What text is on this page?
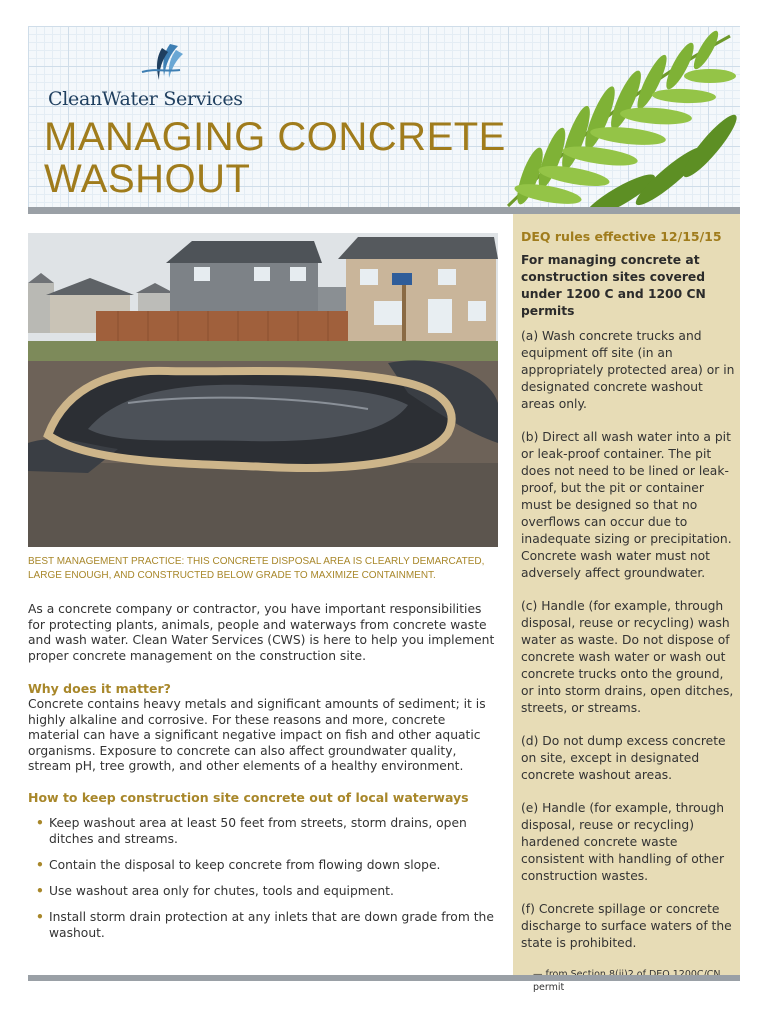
CleanWater Services
MANAGING CONCRETE
WASHOUT
BEST MANAGEMENT PRACTICE: THIS CONCRETE DISPOSAL AREA IS CLEARLY DEMARCATED, LARGE ENOUGH, AND CONSTRUCTED BELOW GRADE TO MAXIMIZE CONTAINMENT.

As a concrete company or contractor, you have important responsibilities for protecting plants, animals, people and waterways from concrete waste and wash water. Clean Water Services (CWS) is here to help you implement proper concrete management on the construction site.

Why does it matter?

Concrete contains heavy metals and significant amounts of sediment; it is highly alkaline and corrosive. For these reasons and more, concrete material can have a significant negative impact on fish and other aquatic organisms. Exposure to concrete can also affect groundwater quality, stream pH, tree growth, and other elements of a healthy environment.

How to keep construction site concrete out of local waterways
• Keep washout area at least 50 feet from streets, storm drains, open ditches and streams.
• Contain the disposal to keep concrete from flowing down slope.
• Use washout area only for chutes, tools and equipment.
• Install storm drain protection at any inlets that are down grade from the washout.

DEQ rules effective 12/15/15

For managing concrete at construction sites covered under 1200 C and 1200 CN permits

(a) Wash concrete trucks and equipment off site (in an appropriately protected area) or in designated concrete washout areas only.

(b) Direct all wash water into a pit or leak-proof container. The pit does not need to be lined or leak-proof, but the pit or container must be designed so that no overflows can occur due to inadequate sizing or precipitation. Concrete wash water must not adversely affect groundwater.

(c) Handle (for example, through disposal, reuse or recycling) wash water as waste. Do not dispose of concrete wash water or wash out concrete trucks onto the ground, or into storm drains, open ditches, streets, or streams.

(d) Do not dump excess concrete on site, except in designated concrete washout areas.

(e) Handle (for example, through disposal, reuse or recycling) hardened concrete waste consistent with handling of other construction wastes.

(f) Concrete spillage or concrete discharge to surface waters of the state is prohibited.

permit
